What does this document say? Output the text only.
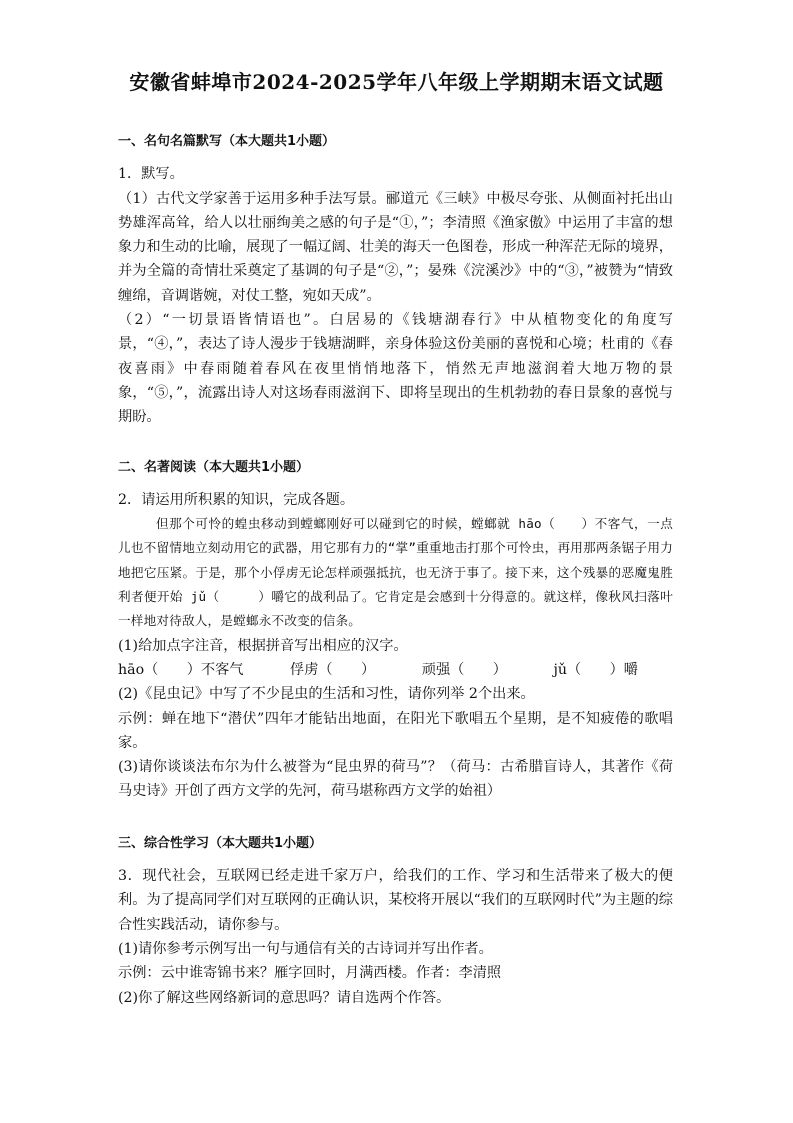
安徽省蚌埠市2024-2025学年八年级上学期期末语文试题
一、名句名篇默写（本大题共1小题）

1．默写。

（1）古代文学家善于运用多种手法写景。郦道元《三峡》中极尽夸张、从侧面衬托出山势雄浑高耸，给人以壮丽绚美之感的句子是“①，”；李清照《渔家傲》中运用了丰富的想象力和生动的比喻，展现了一幅辽阔、壮美的海天一色图卷，形成一种浑茫无际的境界，并为全篇的奇情壮采奠定了基调的句子是“②，”；晏殊《浣溪沙》中的“③，”被赞为“情致缠绵，音调谐婉，对仗工整，宛如天成”。

（2）“一切景语皆情语也”。白居易的《钱塘湖春行》中从植物变化的角度写景，“④，”，表达了诗人漫步于钱塘湖畔，亲身体验这份美丽的喜悦和心境；杜甫的《春夜喜雨》中春雨随着春风在夜里悄悄地落下，悄然无声地滋润着大地万物的景象，“⑤，”，流露出诗人对这场春雨滋润下、即将呈现出的生机勃勃的春日景象的喜悦与期盼。

二、名著阅读（本大题共1小题）

2．请运用所积累的知识，完成各题。

但那个可怜的蝗虫移动到螳螂刚好可以碰到它的时候，螳螂就 hāo（　　）不客气，一点儿也不留情地立刻动用它的武器，用它那有力的“掌”重重地击打那个可怜虫，再用那两条锯子用力地把它压紧。于是，那个小俘虏无论怎样顽强抵抗，也无济于事了。接下来，这个残暴的恶魔鬼胜利者便开始 jǔ（　　　）嚼它的战利品了。它肯定是会感到十分得意的。就这样，像秋风扫落叶一样地对待敌人，是螳螂永不改变的信条。

(1)给加点字注音，根据拼音写出相应的汉字。

hāo（　　）不客气	俘虏（　　）	顽强（　　）	jǔ（　　）嚼

(2)《昆虫记》中写了不少昆虫的生活和习性，请你列举 2个出来。

示例：蝉在地下“潜伏”四年才能钻出地面，在阳光下歌唱五个星期，是不知疲倦的歌唱家。

(3)请你谈谈法布尔为什么被誉为“昆虫界的荷马”？（荷马：古希腊盲诗人，其著作《荷马史诗》开创了西方文学的先河，荷马堪称西方文学的始祖）

三、综合性学习（本大题共1小题）

3．现代社会，互联网已经走进千家万户，给我们的工作、学习和生活带来了极大的便利。为了提高同学们对互联网的正确认识，某校将开展以“我们的互联网时代”为主题的综合性实践活动，请你参与。

(1)请你参考示例写出一句与通信有关的古诗词并写出作者。

示例：云中谁寄锦书来？雁字回时，月满西楼。作者：李清照

(2)你了解这些网络新词的意思吗？请自选两个作答。
